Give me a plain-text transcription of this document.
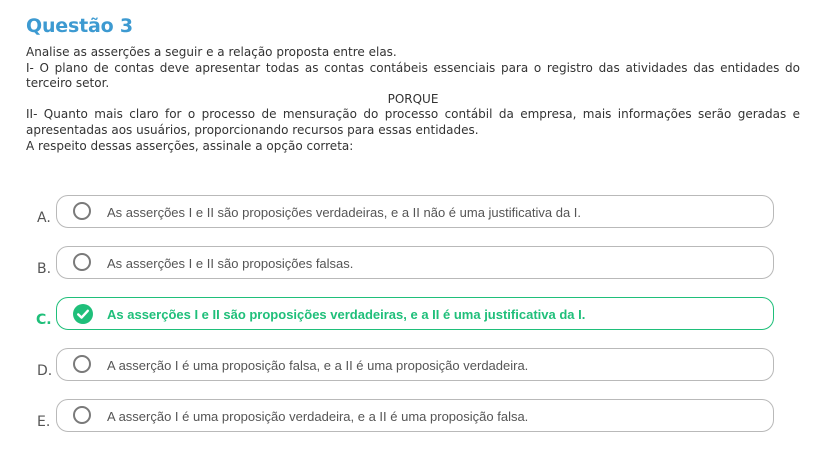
Questão 3

Analise as asserções a seguir e a relação proposta entre elas.

I- O plano de contas deve apresentar todas as contas contábeis essenciais para o registro das atividades das entidades do terceiro setor.

PORQUE

II- Quanto mais claro for o processo de mensuração do processo contábil da empresa, mais informações serão geradas e apresentadas aos usuários, proporcionando recursos para essas entidades.

A respeito dessas asserções, assinale a opção correta:

A.	As asserções I e II são proposições verdadeiras, e a II não é uma justificativa da I.
B.	As asserções I e II são proposições falsas.
C.	As asserções I e II são proposições verdadeiras, e a II é uma justificativa da I.
D.	A asserção I é uma proposição falsa, e a II é uma proposição verdadeira.
E.	A asserção I é uma proposição verdadeira, e a II é uma proposição falsa.
